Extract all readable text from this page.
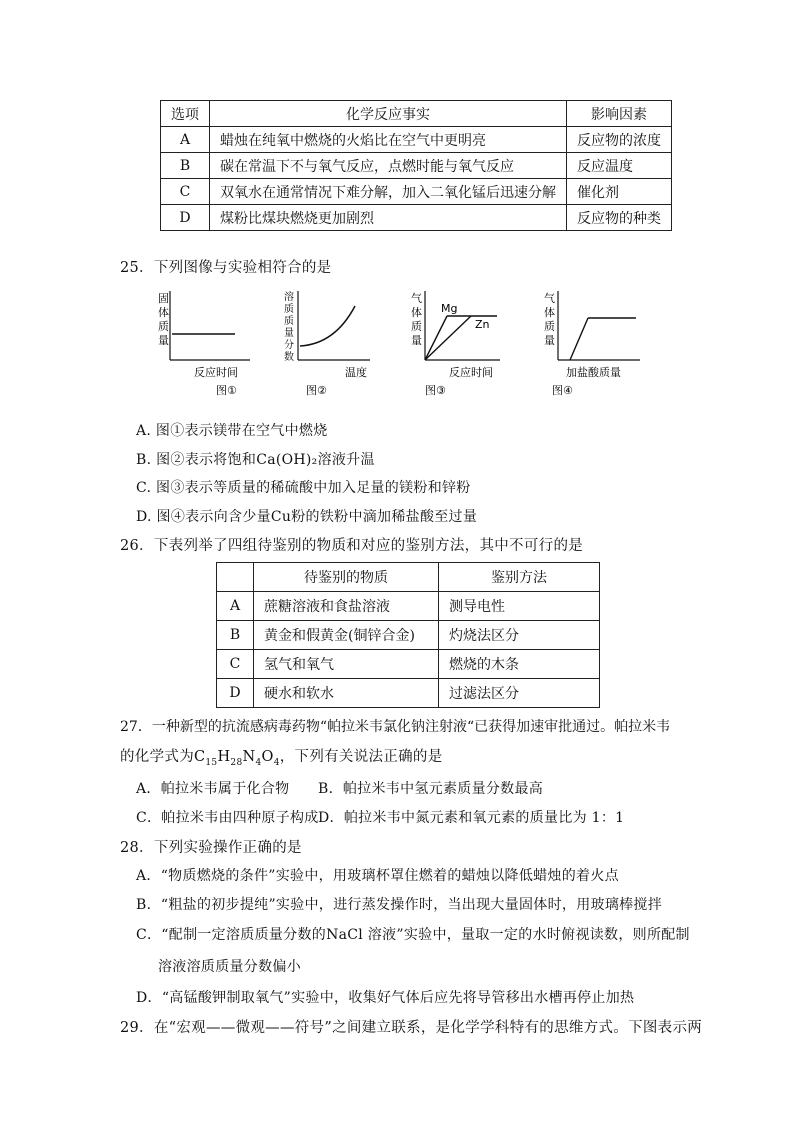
选项	化学反应事实	影响因素
A	蜡烛在纯氧中燃烧的火焰比在空气中更明亮	反应物的浓度
B	碳在常温下不与氧气反应，点燃时能与氧气反应	反应温度
C	双氧水在通常情况下难分解，加入二氧化锰后迅速分解	催化剂
D	煤粉比煤块燃烧更加剧烈	反应物的种类
25．下列图像与实验相符合的是
固
体
质
量
反应时间
图①
溶
质
质
量
分
数
温度
图②
气
体
质
量
Mg
Zn
反应时间
图③
气
体
质
量
加盐酸质量
图④
A. 图①表示镁带在空气中燃烧
B. 图②表示将饱和Ca(OH)₂溶液升温
C. 图③表示等质量的稀硫酸中加入足量的镁粉和锌粉
D. 图④表示向含少量Cu粉的铁粉中滴加稀盐酸至过量
26．下表列举了四组待鉴别的物质和对应的鉴别方法，其中不可行的是
	待鉴别的物质	鉴别方法
A	蔗糖溶液和食盐溶液	测导电性
B	黄金和假黄金(铜锌合金)	灼烧法区分
C	氢气和氧气	燃烧的木条
D	硬水和软水	过滤法区分
27．一种新型的抗流感病毒药物“帕拉米韦氯化钠注射液“已获得加速审批通过。帕拉米韦
的化学式为$C_{15}H_{28}N_4O_4$，下列有关说法正确的是
A．帕拉米韦属于化合物 B．帕拉米韦中氢元素质量分数最高
C．帕拉米韦由四种原子构成 D．帕拉米韦中氮元素和氧元素的质量比为 1：1
28．下列实验操作正确的是
A．“物质燃烧的条件”实验中，用玻璃杯罩住燃着的蜡烛以降低蜡烛的着火点
B．“粗盐的初步提纯”实验中，进行蒸发操作时，当出现大量固体时，用玻璃棒搅拌
C．“配制一定溶质质量分数的NaCl 溶液”实验中，量取一定的水时俯视读数，则所配制
溶液溶质质量分数偏小
D．“高锰酸钾制取氧气”实验中，收集好气体后应先将导管移出水槽再停止加热
29．在“宏观——微观——符号”之间建立联系，是化学学科特有的思维方式。下图表示两
